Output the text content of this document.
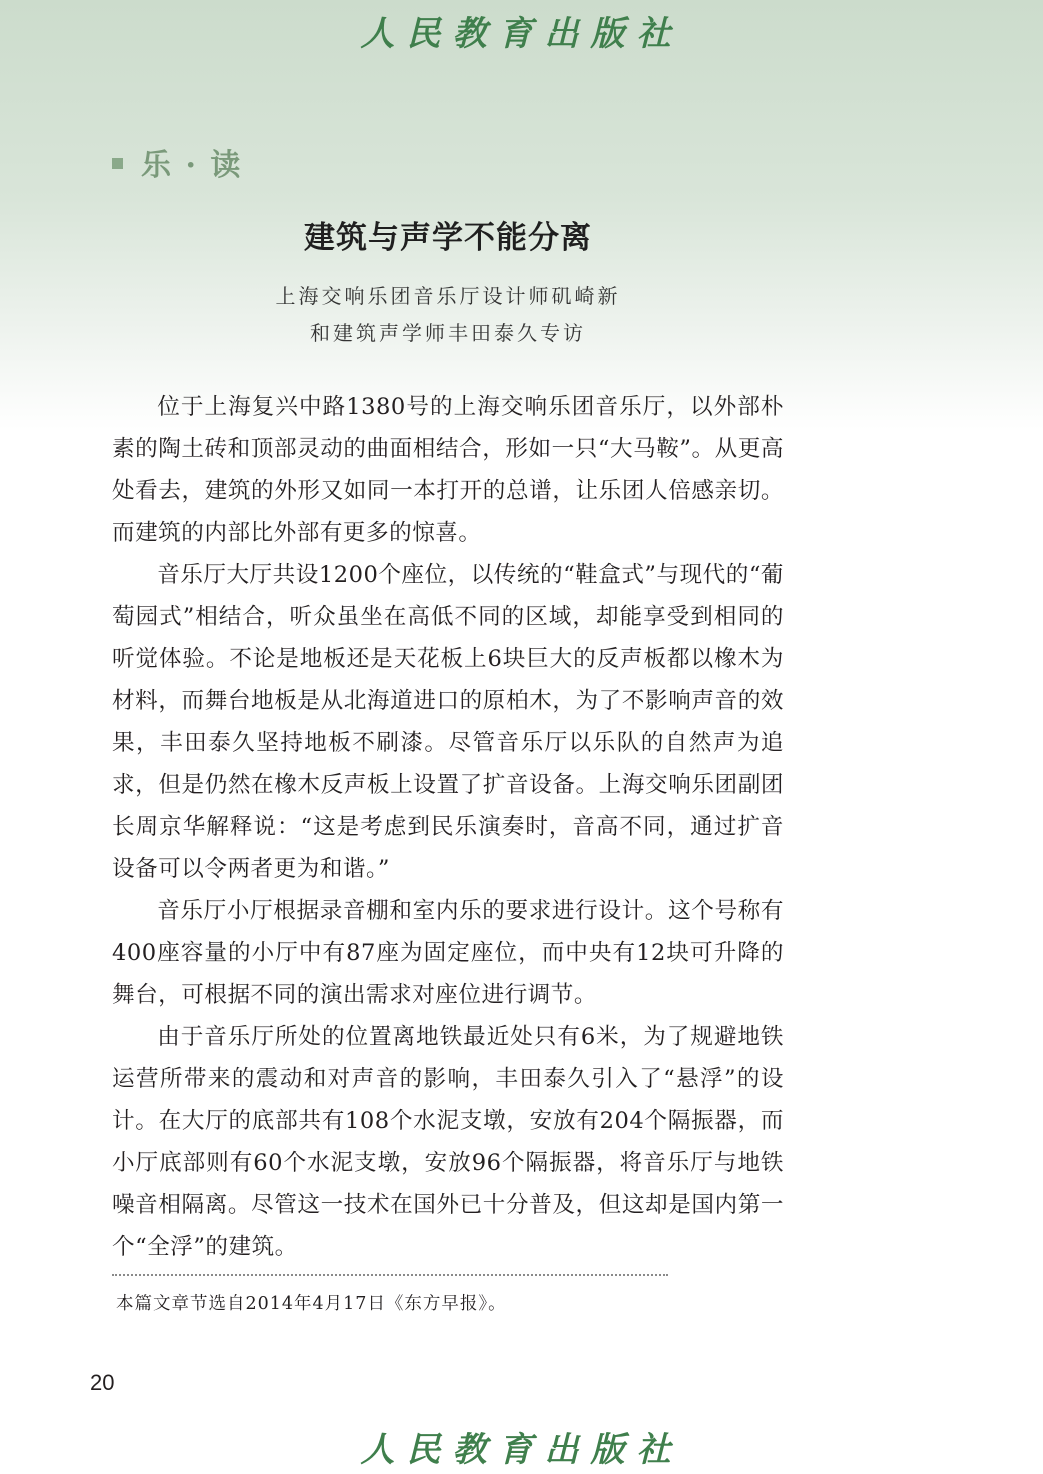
人民教育出版社
乐 · 读
建筑与声学不能分离
上海交响乐团音乐厅设计师矶崎新
和建筑声学师丰田泰久专访

位于上海复兴中路1380号的上海交响乐团音乐厅，以外部朴素的陶土砖和顶部灵动的曲面相结合，形如一只“大马鞍”。从更高处看去，建筑的外形又如同一本打开的总谱，让乐团人倍感亲切。而建筑的内部比外部有更多的惊喜。

音乐厅大厅共设1200个座位，以传统的“鞋盒式”与现代的“葡萄园式”相结合，听众虽坐在高低不同的区域，却能享受到相同的听觉体验。不论是地板还是天花板上6块巨大的反声板都以橡木为材料，而舞台地板是从北海道进口的原柏木，为了不影响声音的效果，丰田泰久坚持地板不刷漆。尽管音乐厅以乐队的自然声为追求，但是仍然在橡木反声板上设置了扩音设备。上海交响乐团副团长周京华解释说：“这是考虑到民乐演奏时，音高不同，通过扩音设备可以令两者更为和谐。”

音乐厅小厅根据录音棚和室内乐的要求进行设计。这个号称有400座容量的小厅中有87座为固定座位，而中央有12块可升降的舞台，可根据不同的演出需求对座位进行调节。

由于音乐厅所处的位置离地铁最近处只有6米，为了规避地铁运营所带来的震动和对声音的影响，丰田泰久引入了“悬浮”的设计。在大厅的底部共有108个水泥支墩，安放有204个隔振器，而小厅底部则有60个水泥支墩，安放96个隔振器，将音乐厅与地铁噪音相隔离。尽管这一技术在国外已十分普及，但这却是国内第一个“全浮”的建筑。

本篇文章节选自2014年4月17日《东方早报》。
20
人民教育出版社
